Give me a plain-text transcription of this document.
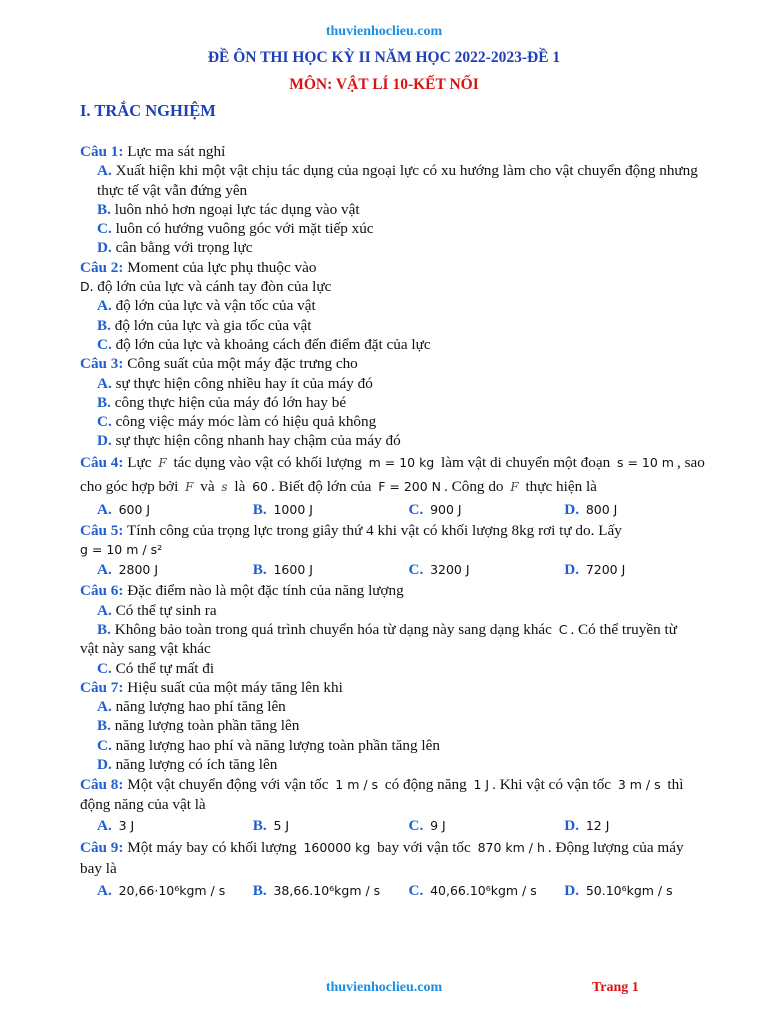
thuvienhoclieu.com
ĐỀ ÔN THI HỌC KỲ II NĂM HỌC 2022-2023-ĐỀ 1
MÔN: VẬT LÍ 10-KẾT NỐI
I. TRẮC NGHIỆM
Câu 1: Lực ma sát nghỉ
A. Xuất hiện khi một vật chịu tác dụng của ngoại lực có xu hướng làm cho vật chuyển động nhưng thực tế vật vẫn đứng yên
B. luôn nhỏ hơn ngoại lực tác dụng vào vật
C. luôn có hướng vuông góc với mặt tiếp xúc
D. cân bằng với trọng lực
Câu 2: Moment của lực phụ thuộc vào
D. độ lớn của lực và cánh tay đòn của lực
A. độ lớn của lực và vận tốc của vật
B. độ lớn của lực và gia tốc của vật
C. độ lớn của lực và khoảng cách đến điểm đặt của lực
Câu 3: Công suất của một máy đặc trưng cho
A. sự thực hiện công nhiều hay ít của máy đó
B. công thực hiện của máy đó lớn hay bé
C. công việc máy móc làm có hiệu quả không
D. sự thực hiện công nhanh hay chậm của máy đó
Câu 4: Lực F tác dụng vào vật có khối lượng m = 10 kg làm vật di chuyển một đoạn s = 10 m , sao
cho góc hợp bởi F và s là 60 . Biết độ lớn của F = 200 N . Công do F thực hiện là
A. 600 J	B. 1000 J	C. 900 J	D. 800 J
Câu 5: Tính công của trọng lực trong giây thứ 4 khi vật có khối lượng 8kg rơi tự do. Lấy
g = 10 m / s²
A. 2800 J	B. 1600 J	C. 3200 J	D. 7200 J
Câu 6: Đặc điểm nào là một đặc tính của năng lượng
A. Có thể tự sinh ra
B. Không bảo toàn trong quá trình chuyển hóa từ dạng này sang dạng khác C . Có thể truyền từ
vật này sang vật khác
C. Có thể tự mất đi
Câu 7: Hiệu suất của một máy tăng lên khi
A. năng lượng hao phí tăng lên
B. năng lượng toàn phần tăng lên
C. năng lượng hao phí và năng lượng toàn phần tăng lên
D. năng lượng có ích tăng lên
Câu 8: Một vật chuyển động với vận tốc 1 m / s có động năng 1 J . Khi vật có vận tốc 3 m / s thì
động năng của vật là
A. 3 J	B. 5 J	C. 9 J	D. 12 J
Câu 9: Một máy bay có khối lượng 160000 kg bay với vận tốc 870 km / h . Động lượng của máy
bay là
A. 20,66·10⁶kgm / s	B. 38,66.10⁶kgm / s	C. 40,66.10⁶kgm / s	D. 50.10⁶kgm / s
thuvienhoclieu.com	Trang 1
